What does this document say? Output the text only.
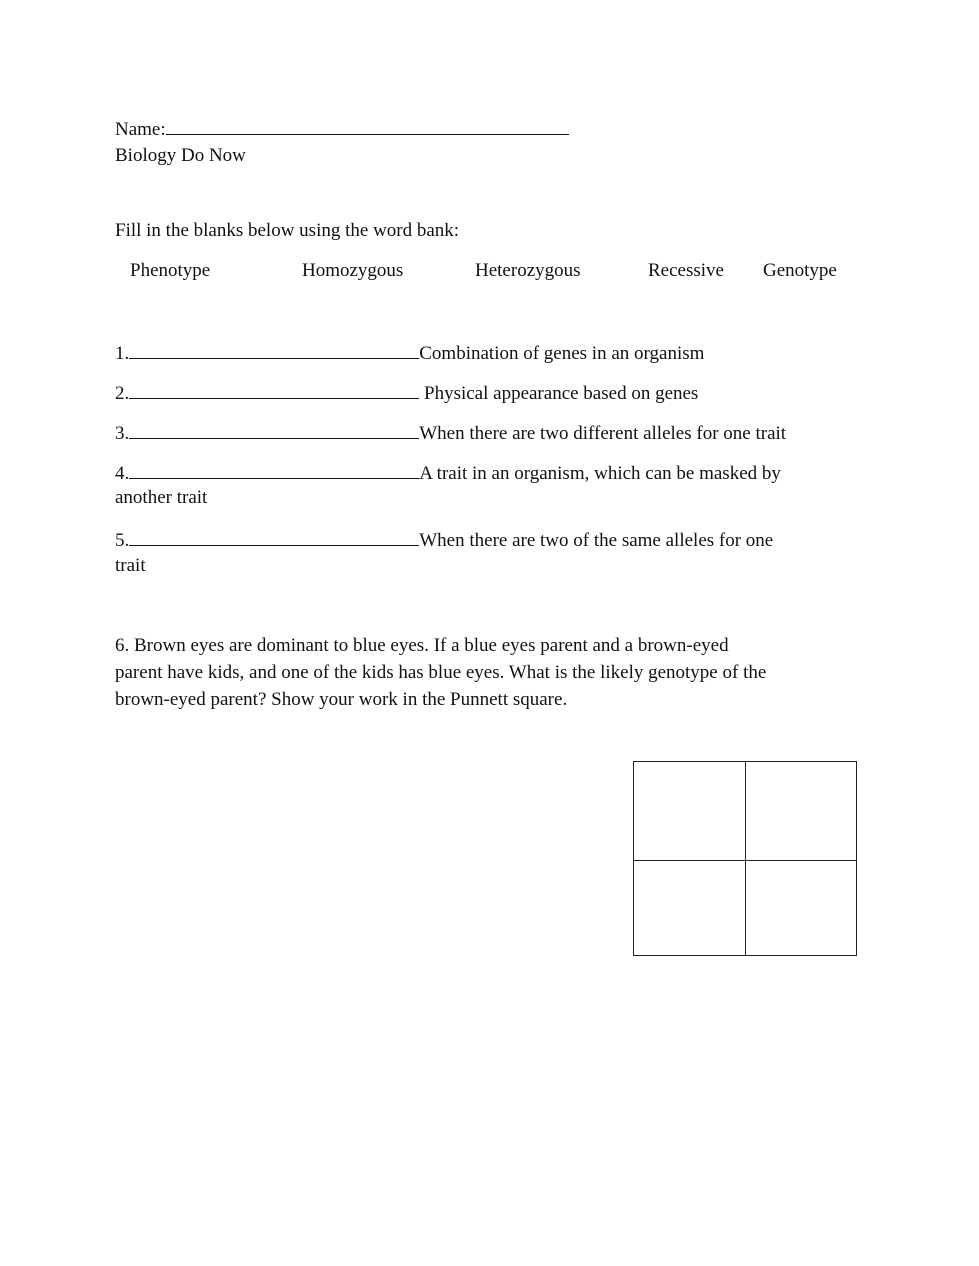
Name:
Biology Do Now
Fill in the blanks below using the word bank:
Phenotype	Homozygous	Heterozygous	Recessive Genotype
1.	Combination of genes in an organism
2.	Physical appearance based on genes
3.	When there are two different alleles for one trait
4.	A trait in an organism, which can be masked by
another trait
5.	When there are two of the same alleles for one
trait
6. Brown eyes are dominant to blue eyes. If a blue eyes parent and a brown-eyed
parent have kids, and one of the kids has blue eyes. What is the likely genotype of the
brown-eyed parent? Show your work in the Punnett square.
